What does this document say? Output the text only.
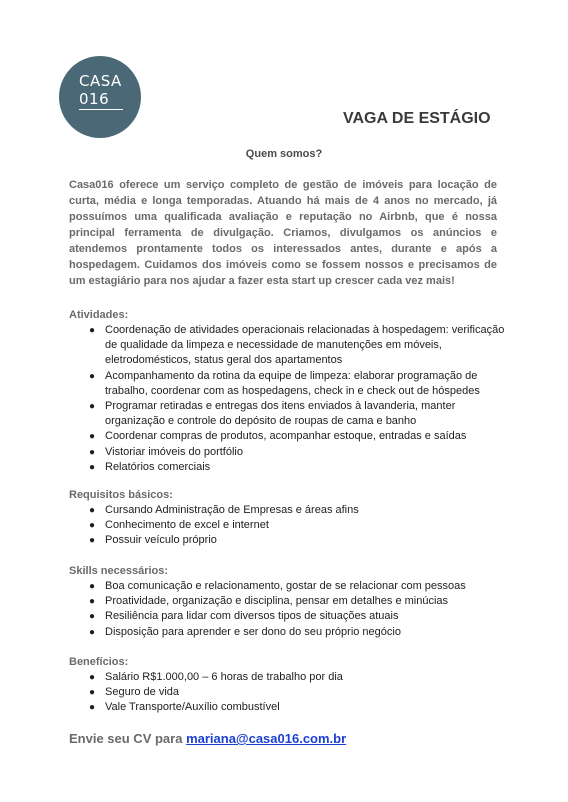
CASA
016
VAGA DE ESTÁGIO
Quem somos?
Casa016 oferece um serviço completo de gestão de imóveis para locação de curta, média e longa temporadas. Atuando há mais de 4 anos no mercado, já possuímos uma qualificada avaliação e reputação no Airbnb, que é nossa principal ferramenta de divulgação. Criamos, divulgamos os anúncios e atendemos prontamente todos os interessados antes, durante e após a hospedagem. Cuidamos dos imóveis como se fossem nossos e precisamos de um estagiário para nos ajudar a fazer esta start up crescer cada vez mais!

Atividades:

● Coordenação de atividades operacionais relacionadas à hospedagem: verificação de qualidade da limpeza e necessidade de manutenções em móveis, eletrodomésticos, status geral dos apartamentos
● Acompanhamento da rotina da equipe de limpeza: elaborar programação de trabalho, coordenar com as hospedagens, check in e check out de hóspedes
● Programar retiradas e entregas dos itens enviados à lavanderia, manter organização e controle do depósito de roupas de cama e banho
● Coordenar compras de produtos, acompanhar estoque, entradas e saídas
● Vistoriar imóveis do portfólio
● Relatórios comerciais

Requisitos básicos:

● Cursando Administração de Empresas e áreas afins
● Conhecimento de excel e internet
● Possuir veículo próprio

Skills necessários:

● Boa comunicação e relacionamento, gostar de se relacionar com pessoas
● Proatividade, organização e disciplina, pensar em detalhes e minúcias
● Resiliência para lidar com diversos tipos de situações atuais
● Disposição para aprender e ser dono do seu próprio negócio

Benefícios:

● Salário R$1.000,00 – 6 horas de trabalho por dia
● Seguro de vida
● Vale Transporte/Auxílio combustível
Envie seu CV para mariana@casa016.com.br
